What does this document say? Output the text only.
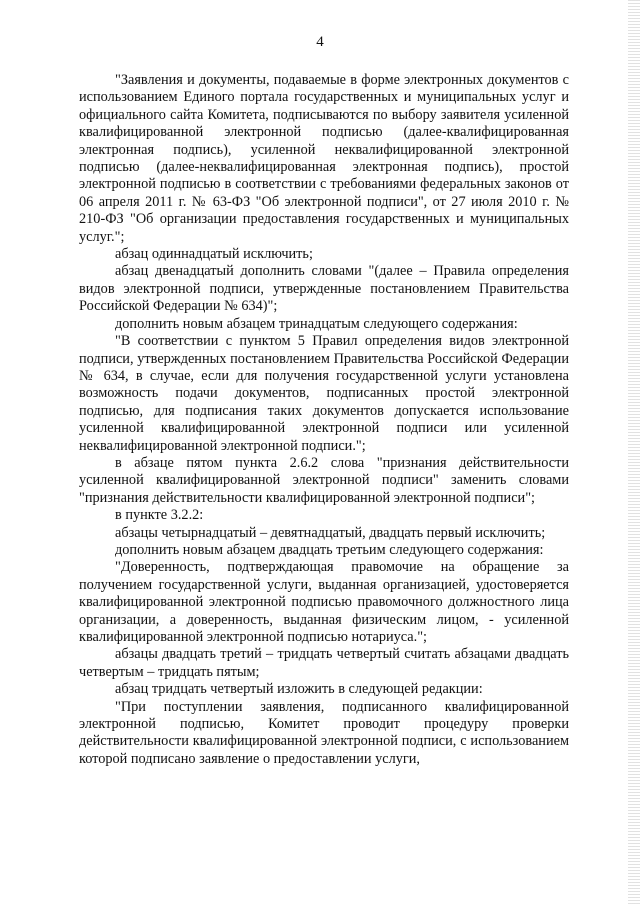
4

"Заявления и документы, подаваемые в форме электронных документов с использованием Единого портала государственных и муниципальных услуг и официального сайта Комитета, подписываются по выбору заявителя усиленной квалифицированной электронной подписью (далее-квалифицированная электронная подпись), усиленной неквалифицированной электронной подписью (далее-неквалифицированная электронная подпись), простой электронной подписью в соответствии с требованиями федеральных законов от 06 апреля 2011 г. № 63-ФЗ "Об электронной подписи", от 27 июля 2010 г. № 210-ФЗ "Об организации предоставления государственных и муниципальных услуг.";

абзац одиннадцатый исключить;

абзац двенадцатый дополнить словами "(далее – Правила определения видов электронной подписи, утвержденные постановлением Правительства Российской Федерации № 634)";

дополнить новым абзацем тринадцатым следующего содержания:

"В соответствии с пунктом 5 Правил определения видов электронной подписи, утвержденных постановлением Правительства Российской Федерации № 634, в случае, если для получения государственной услуги установлена возможность подачи документов, подписанных простой электронной подписью, для подписания таких документов допускается использование усиленной квалифицированной электронной подписи или усиленной неквалифицированной электронной подписи.";

в абзаце пятом пункта 2.6.2 слова "признания действительности усиленной квалифицированной электронной подписи" заменить словами "признания действительности квалифицированной электронной подписи";

в пункте 3.2.2:

абзацы четырнадцатый – девятнадцатый, двадцать первый исключить;

дополнить новым абзацем двадцать третьим следующего содержания:

"Доверенность, подтверждающая правомочие на обращение за получением государственной услуги, выданная организацией, удостоверяется квалифицированной электронной подписью правомочного должностного лица организации, а доверенность, выданная физическим лицом, - усиленной квалифицированной электронной подписью нотариуса.";

абзацы двадцать третий – тридцать четвертый считать абзацами двадцать четвертым – тридцать пятым;

абзац тридцать четвертый изложить в следующей редакции:

"При поступлении заявления, подписанного квалифицированной электронной подписью, Комитет проводит процедуру проверки действительности квалифицированной электронной подписи, с использованием которой подписано заявление о предоставлении услуги,
